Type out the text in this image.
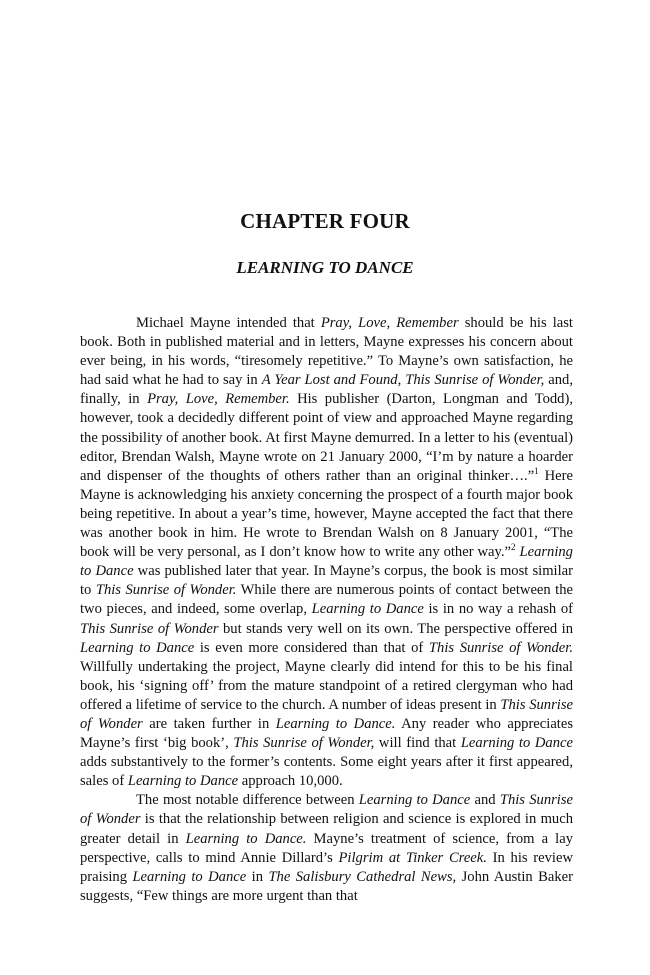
CHAPTER FOUR
LEARNING TO DANCE

Michael Mayne intended that Pray, Love, Remember should be his last book. Both in published material and in letters, Mayne expresses his concern about ever being, in his words, “tiresomely repetitive.” To Mayne’s own satisfaction, he had said what he had to say in A Year Lost and Found, This Sunrise of Wonder, and, finally, in Pray, Love, Remember. His publisher (Darton, Longman and Todd), however, took a decidedly different point of view and approached Mayne regarding the possibility of another book. At first Mayne demurred. In a letter to his (eventual) editor, Brendan Walsh, Mayne wrote on 21 January 2000, “I’m by nature a hoarder and dispenser of the thoughts of others rather than an original thinker….”$^1$ Here Mayne is acknowledging his anxiety concerning the prospect of a fourth major book being repetitive. In about a year’s time, however, Mayne accepted the fact that there was another book in him. He wrote to Brendan Walsh on 8 January 2001, “The book will be very personal, as I don’t know how to write any other way.”$^2$ Learning to Dance was published later that year. In Mayne’s corpus, the book is most similar to This Sunrise of Wonder. While there are numerous points of contact between the two pieces, and indeed, some overlap, Learning to Dance is in no way a rehash of This Sunrise of Wonder but stands very well on its own. The perspective offered in Learning to Dance is even more considered than that of This Sunrise of Wonder. Willfully undertaking the project, Mayne clearly did intend for this to be his final book, his ‘signing off’ from the mature standpoint of a retired clergyman who had offered a lifetime of service to the church. A number of ideas present in This Sunrise of Wonder are taken further in Learning to Dance. Any reader who appreciates Mayne’s first ‘big book’, This Sunrise of Wonder, will find that Learning to Dance adds substantively to the former’s contents. Some eight years after it first appeared, sales of Learning to Dance approach 10,000.

The most notable difference between Learning to Dance and This Sunrise of Wonder is that the relationship between religion and science is explored in much greater detail in Learning to Dance. Mayne’s treatment of science, from a lay perspective, calls to mind Annie Dillard’s Pilgrim at Tinker Creek. In his review praising Learning to Dance in The Salisbury Cathedral News, John Austin Baker suggests, “Few things are more urgent than that
